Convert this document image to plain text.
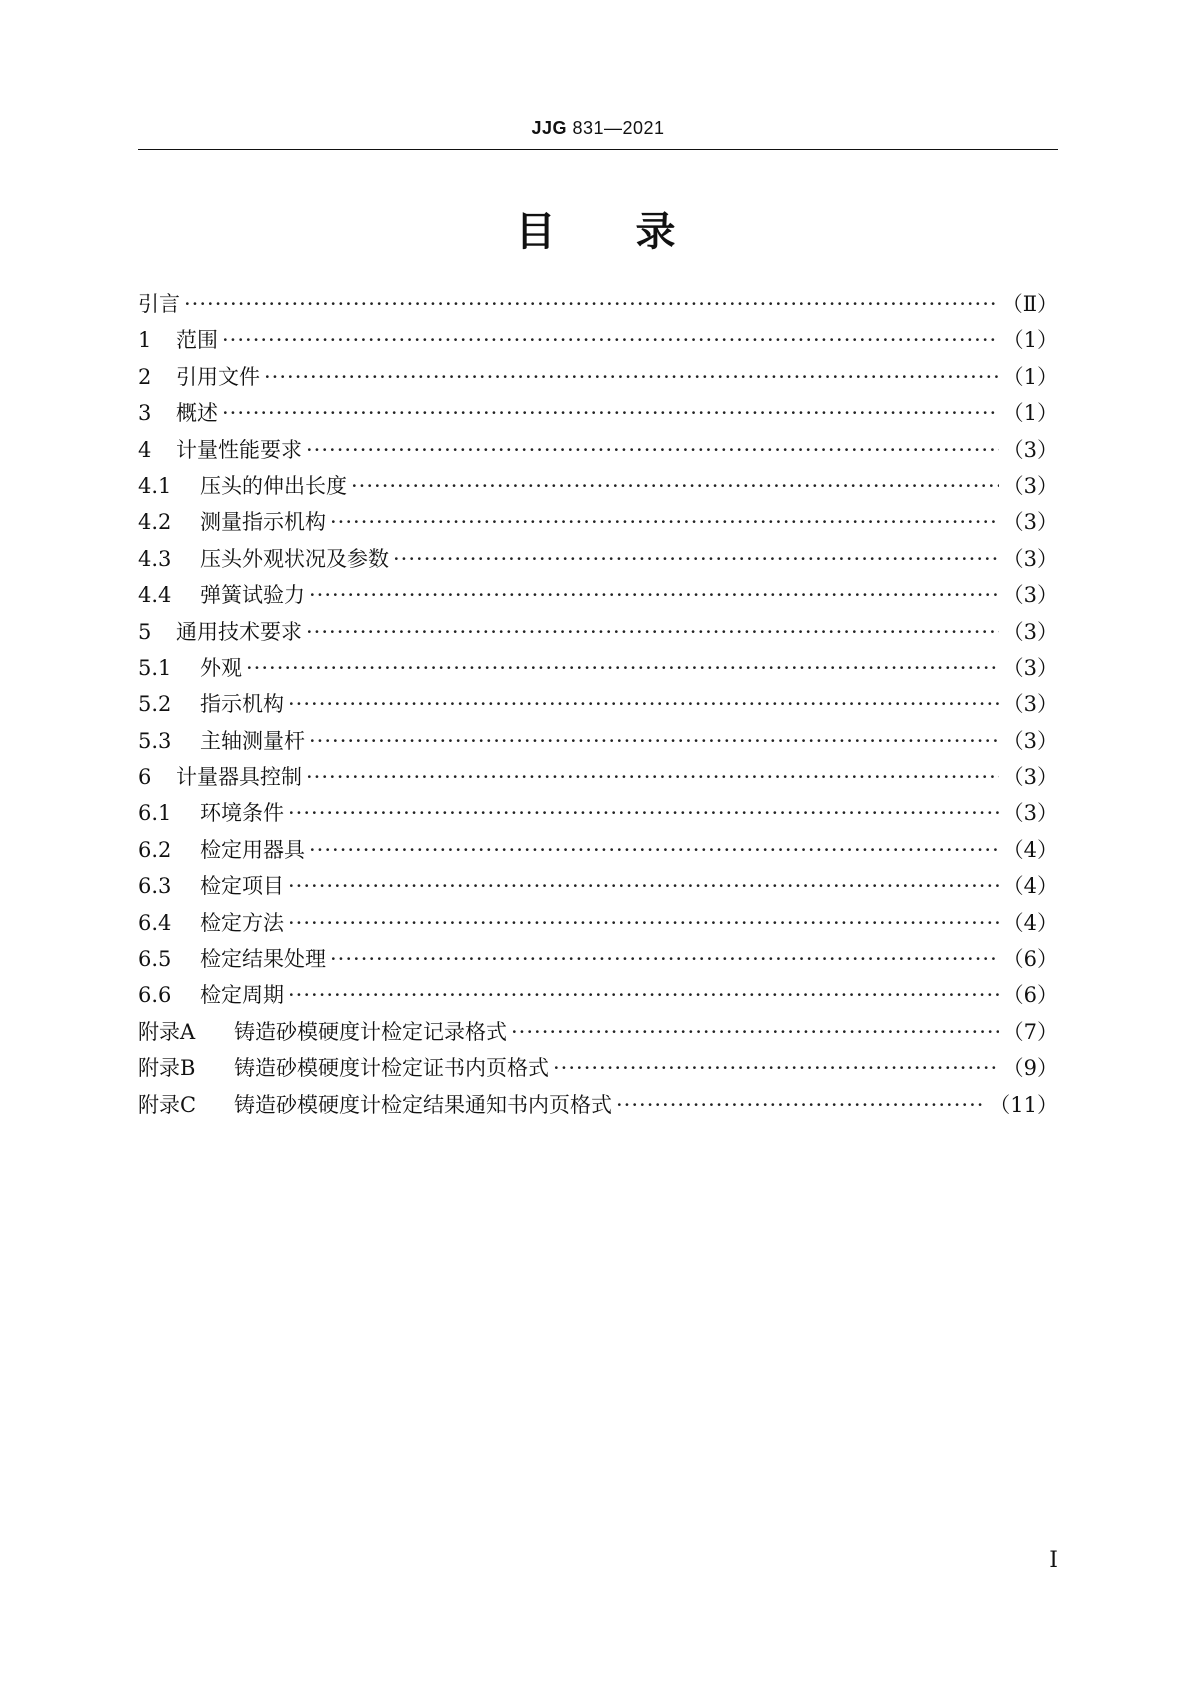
JJG 831—2021
目录
引言 ·····	（Ⅱ）
1	范围 ·····	（1）
2	引用文件 ·····	（1）
3	概述 ·····	（1）
4	计量性能要求 ·····	（3）
4.1	压头的伸出长度 ·····	（3）
4.2	测量指示机构 ·····	（3）
4.3	压头外观状况及参数 ·····	（3）
4.4	弹簧试验力 ·····	（3）
5	通用技术要求 ·····	（3）
5.1	外观 ·····	（3）
5.2	指示机构 ·····	（3）
5.3	主轴测量杆 ·····	（3）
6	计量器具控制 ·····	（3）
6.1	环境条件 ·····	（3）
6.2	检定用器具 ·····	（4）
6.3	检定项目 ·····	（4）
6.4	检定方法 ·····	（4）
6.5	检定结果处理 ·····	（6）
6.6	检定周期 ·····	（6）
附录A	铸造砂模硬度计检定记录格式 ·····	（7）
附录B	铸造砂模硬度计检定证书内页格式 ·····	（9）
附录C	铸造砂模硬度计检定结果通知书内页格式 ·····	（11）
Ⅰ
